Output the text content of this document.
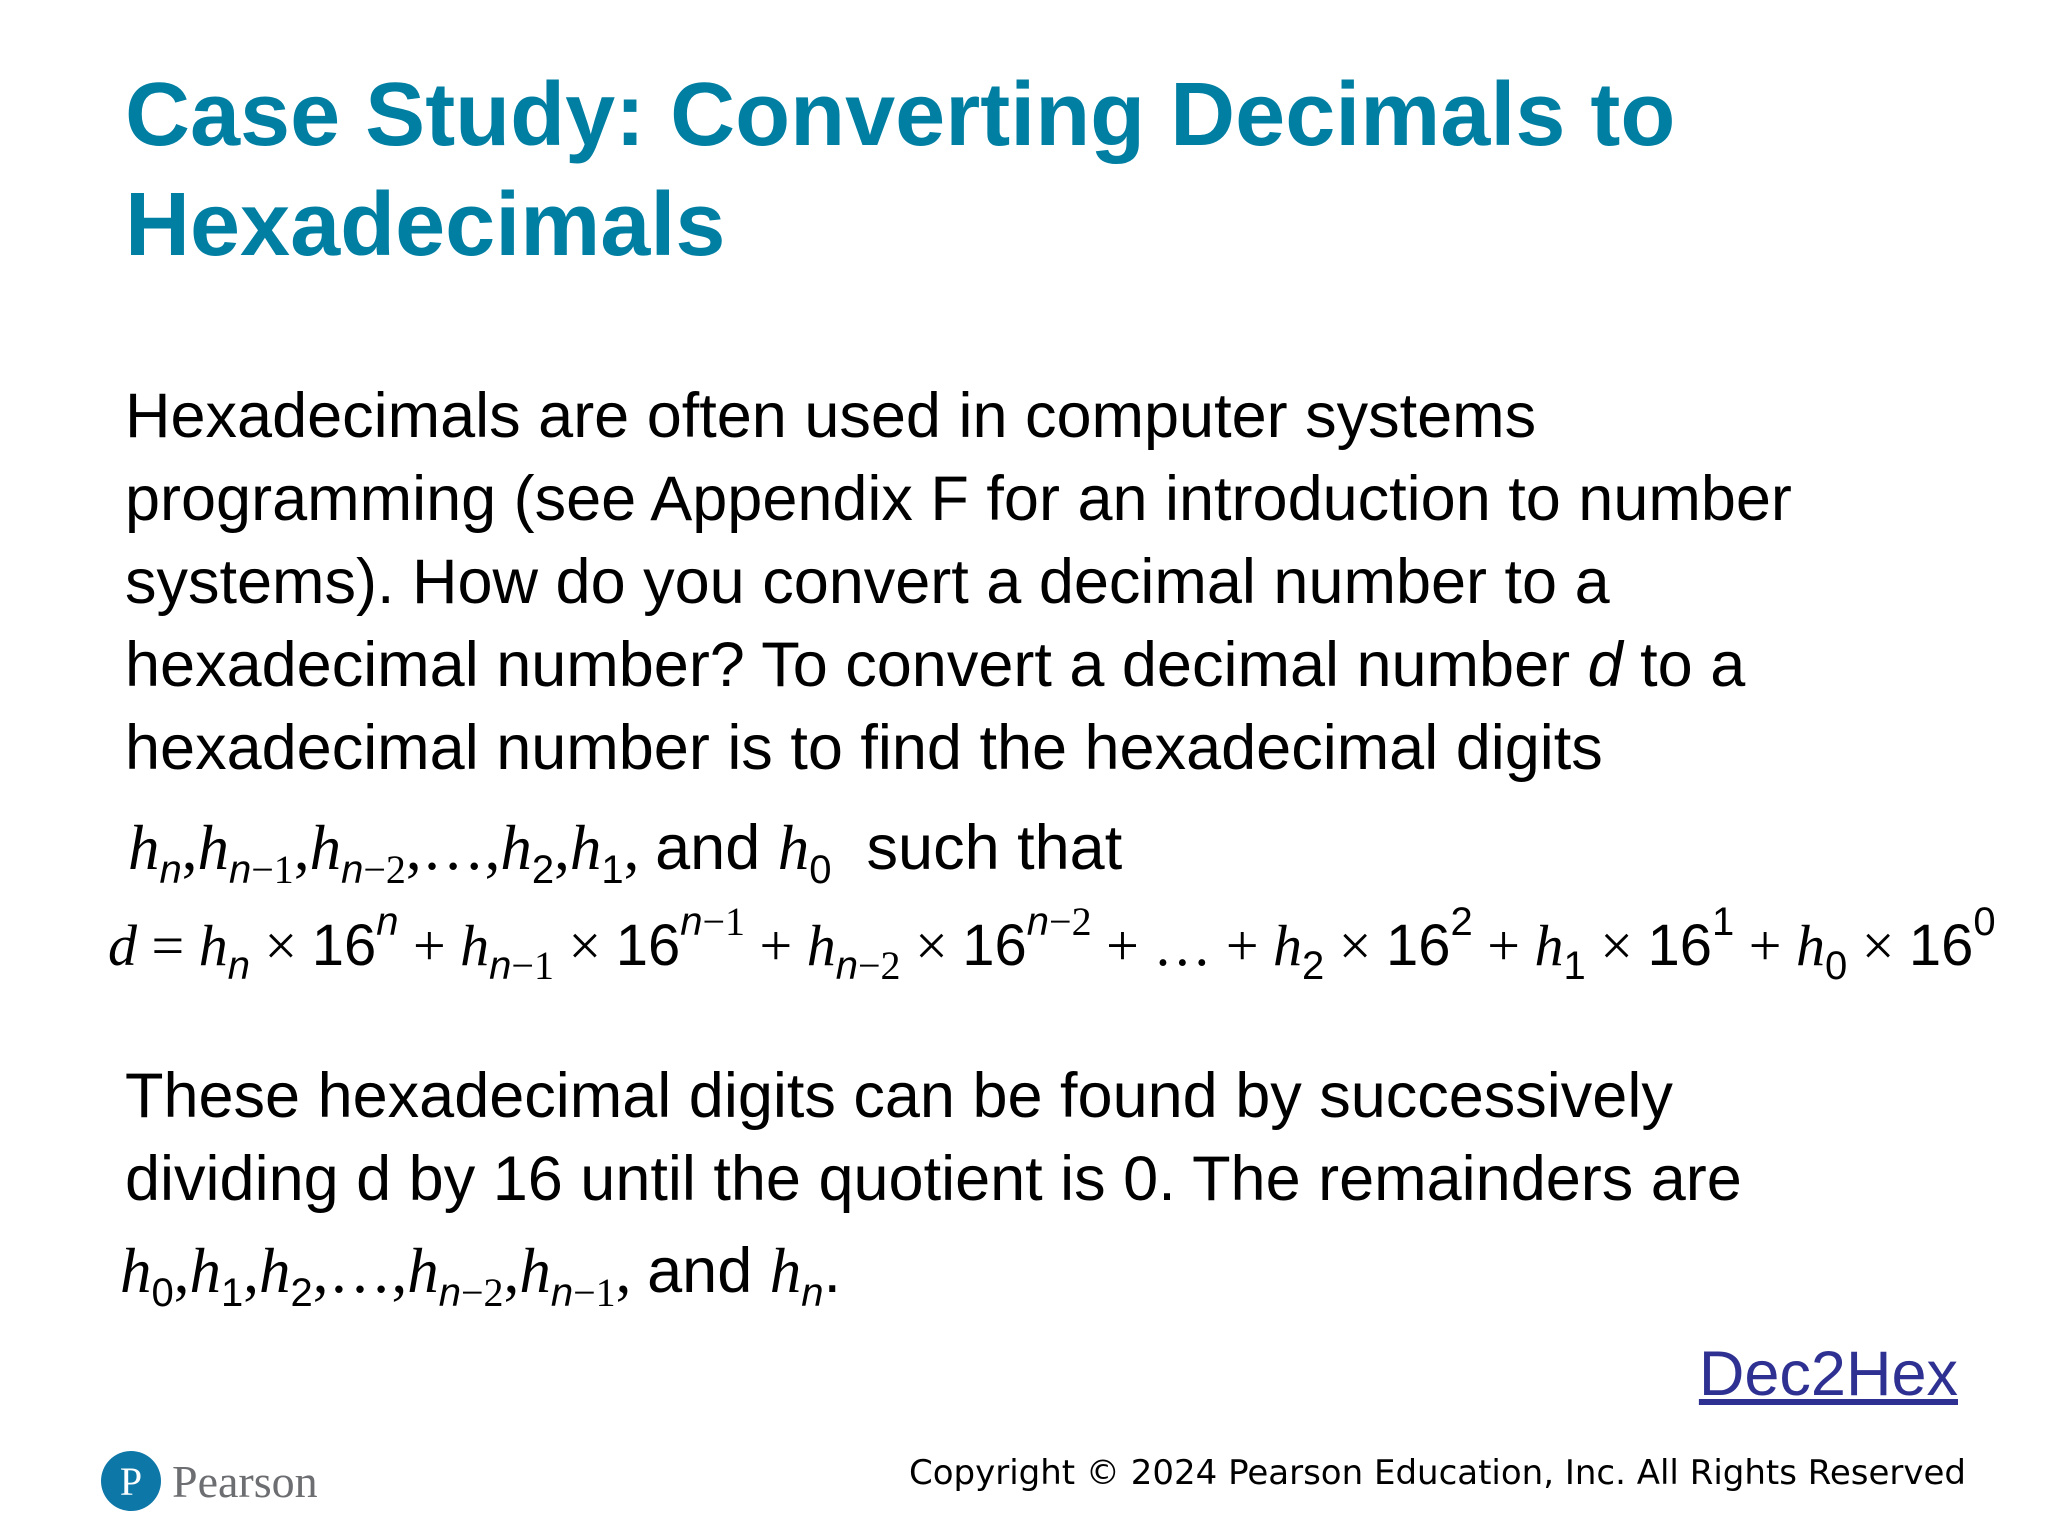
Case Study: Converting Decimals to
Hexadecimals
Hexadecimals are often used in computer systems
programming (see Appendix F for an introduction to number
systems). How do you convert a decimal number to a
hexadecimal number? To convert a decimal number d to a
hexadecimal number is to find the hexadecimal digits
$h_n,h_{n-1},h_{n-2},\dots,h_2,h_1$, and $h_0$ such that
$d = h_n \times 16^n + h_{n-1} \times 16^{n-1} + h_{n-2} \times 16^{n-2}$ + … + $h_2 \times 16^2 + h_1 \times 16^1 + h_0 \times 16^0$
These hexadecimal digits can be found by successively
dividing d by 16 until the quotient is 0. The remainders are
$h_0,h_1,h_2,\dots,h_{n-2},h_{n-1}$, and $h_n$.
Dec2Hex
P Pearson	Copyright © 2024 Pearson Education, Inc. All Rights Reserved
